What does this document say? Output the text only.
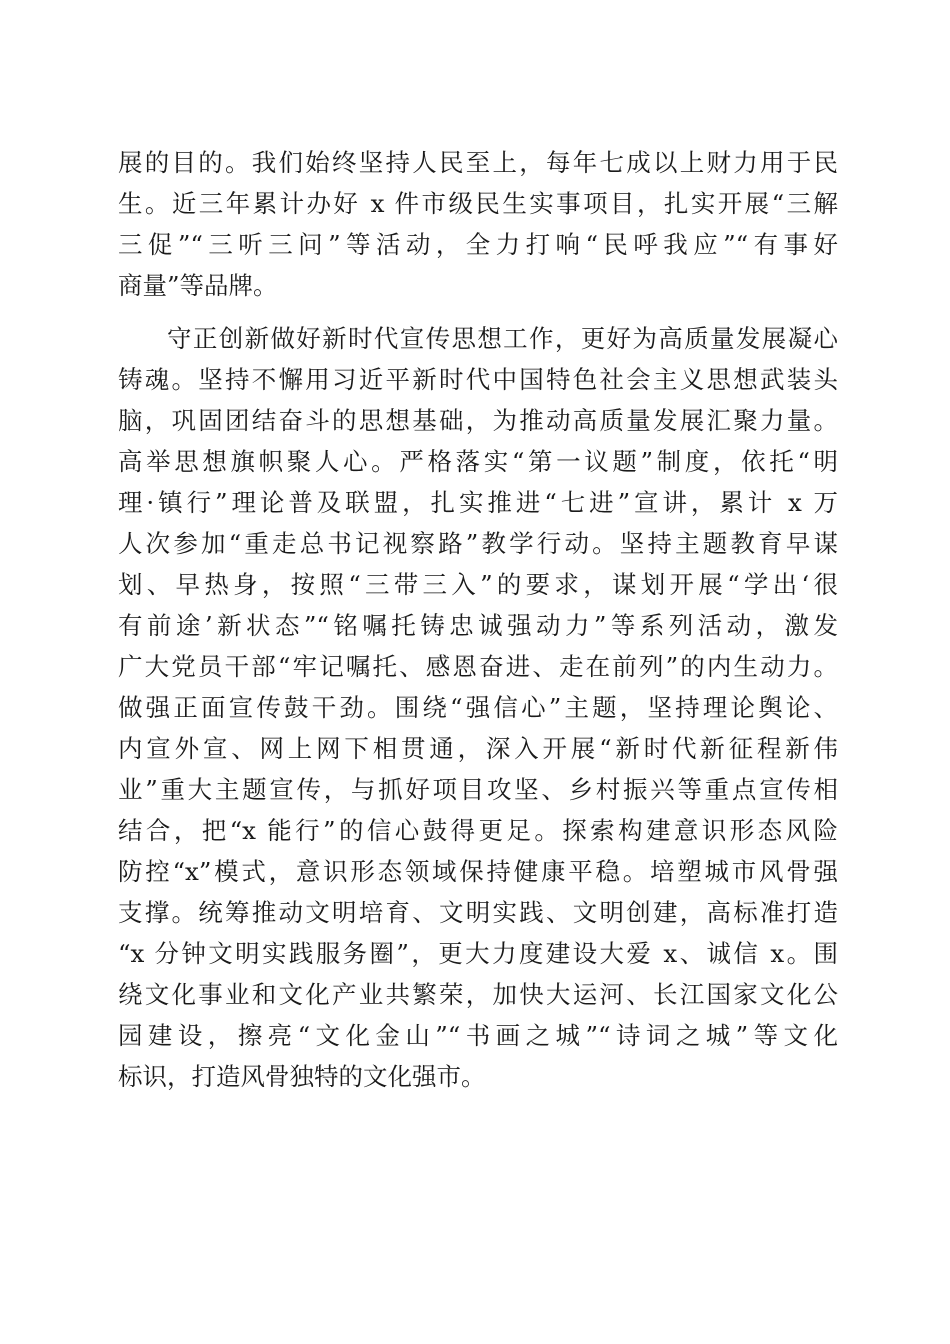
展的目的。我们始终坚持人民至上，每年七成以上财力用于民
生。近三年累计办好 x 件市级民生实事项目，扎实开展“三解
三促”“三听三问”等活动，全力打响“民呼我应”“有事好
商量”等品牌。
守正创新做好新时代宣传思想工作，更好为高质量发展凝心
铸魂。坚持不懈用习近平新时代中国特色社会主义思想武装头
脑，巩固团结奋斗的思想基础，为推动高质量发展汇聚力量。
高举思想旗帜聚人心。严格落实“第一议题”制度，依托“明
理·镇行”理论普及联盟，扎实推进“七进”宣讲，累计 x 万
人次参加“重走总书记视察路”教学行动。坚持主题教育早谋
划、早热身，按照“三带三入”的要求，谋划开展“学出‘很
有前途’新状态”“铭嘱托铸忠诚强动力”等系列活动，激发
广大党员干部“牢记嘱托、感恩奋进、走在前列”的内生动力。
做强正面宣传鼓干劲。围绕“强信心”主题，坚持理论舆论、
内宣外宣、网上网下相贯通，深入开展“新时代新征程新伟
业”重大主题宣传，与抓好项目攻坚、乡村振兴等重点宣传相
结合，把“x 能行”的信心鼓得更足。探索构建意识形态风险
防控“x”模式，意识形态领域保持健康平稳。培塑城市风骨强
支撑。统筹推动文明培育、文明实践、文明创建，高标准打造
“x 分钟文明实践服务圈”，更大力度建设大爱 x、诚信 x。围
绕文化事业和文化产业共繁荣，加快大运河、长江国家文化公
园建设，擦亮“文化金山”“书画之城”“诗词之城”等文化
标识，打造风骨独特的文化强市。
